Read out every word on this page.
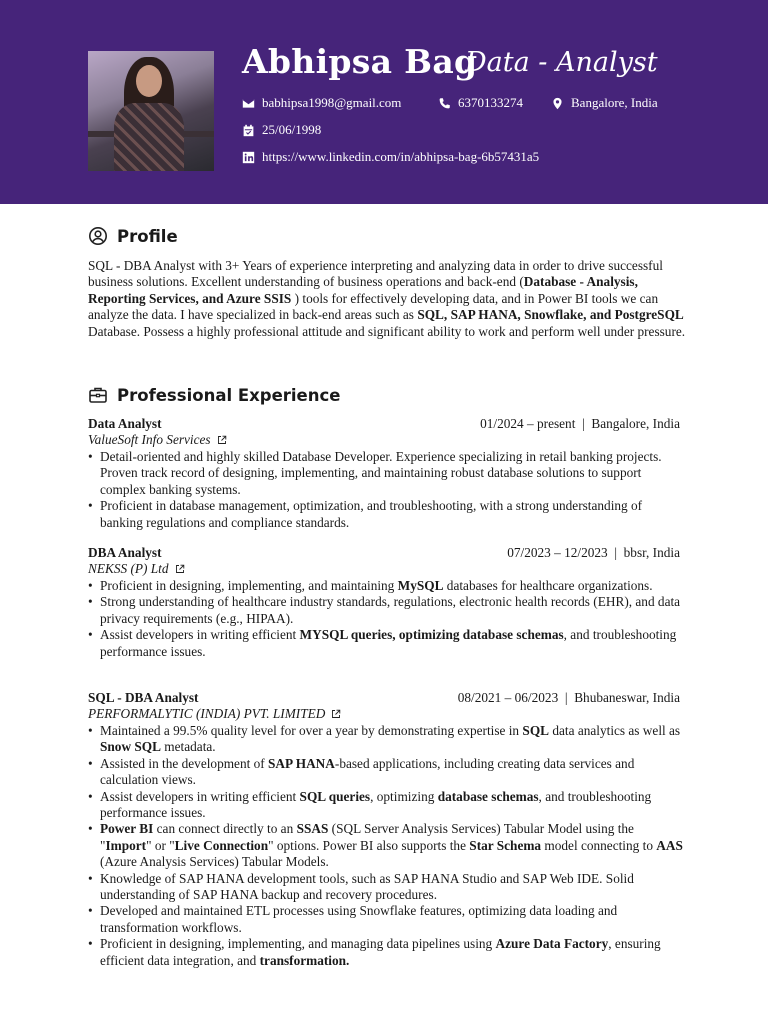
Abhipsa Bag
Data - Analyst
babhipsa1998@gmail.com	6370133274	Bangalore, India
25/06/1998
https://www.linkedin.com/in/abhipsa-bag-6b57431a5
Profile
SQL - DBA Analyst with 3+ Years of experience interpreting and analyzing data in order to drive successful business solutions. Excellent understanding of business operations and back-end (Database - Analysis, Reporting Services, and Azure SSIS ) tools for effectively developing data, and in Power BI tools we can analyze the data. I have specialized in back-end areas such as SQL, SAP HANA, Snowflake, and PostgreSQL Database. Possess a highly professional attitude and significant ability to work and perform well under pressure.
Professional Experience
Data Analyst	01/2024 – present  |  Bangalore, India
ValueSoft Info Services
• Detail-oriented and highly skilled Database Developer. Experience specializing in retail banking projects. Proven track record of designing, implementing, and maintaining robust database solutions to support complex banking systems.
• Proficient in database management, optimization, and troubleshooting, with a strong understanding of banking regulations and compliance standards.
DBA Analyst	07/2023 – 12/2023  |  bbsr, India
NEKSS (P) Ltd
• Proficient in designing, implementing, and maintaining MySQL databases for healthcare organizations.
• Strong understanding of healthcare industry standards, regulations, electronic health records (EHR), and data privacy requirements (e.g., HIPAA).
• Assist developers in writing efficient MYSQL queries, optimizing database schemas, and troubleshooting performance issues.
SQL - DBA Analyst	08/2021 – 06/2023  |  Bhubaneswar, India
PERFORMALYTIC (INDIA) PVT. LIMITED
• Maintained a 99.5% quality level for over a year by demonstrating expertise in SQL data analytics as well as Snow SQL metadata.
• Assisted in the development of SAP HANA-based applications, including creating data services and calculation views.
• Assist developers in writing efficient SQL queries, optimizing database schemas, and troubleshooting performance issues.
• Power BI can connect directly to an SSAS (SQL Server Analysis Services) Tabular Model using the "Import" or "Live Connection" options. Power BI also supports the Star Schema model connecting to AAS (Azure Analysis Services) Tabular Models.
• Knowledge of SAP HANA development tools, such as SAP HANA Studio and SAP Web IDE. Solid understanding of SAP HANA backup and recovery procedures.
• Developed and maintained ETL processes using Snowflake features, optimizing data loading and transformation workflows.
• Proficient in designing, implementing, and managing data pipelines using Azure Data Factory, ensuring efficient data integration, and transformation.
